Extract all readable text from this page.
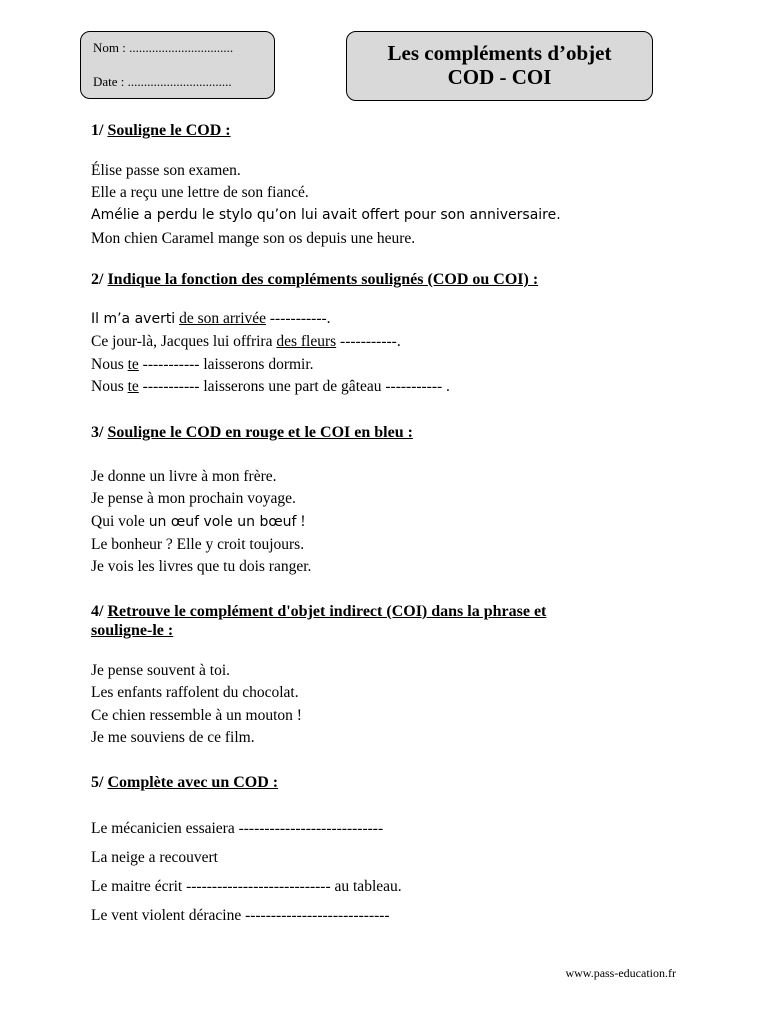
Nom : ................................
Date : ................................
Les compléments d’objet
COD - COI
1/ Souligne le COD :
Élise passe son examen.
Elle a reçu une lettre de son fiancé.
Amélie a perdu le stylo qu’on lui avait offert pour son anniversaire.
Mon chien Caramel mange son os depuis une heure.
2/ Indique la fonction des compléments soulignés (COD ou COI) :
Il m’a averti de son arrivée -----------.
Ce jour-là, Jacques lui offrira des fleurs -----------.
Nous te ----------- laisserons dormir.
Nous te ----------- laisserons une part de gâteau ----------- .
3/ Souligne le COD en rouge et le COI en bleu :
Je donne un livre à mon frère.
Je pense à mon prochain voyage.
Qui vole un œuf vole un bœuf !
Le bonheur ? Elle y croit toujours.
Je vois les livres que tu dois ranger.
4/ Retrouve le complément d'objet indirect (COI) dans la phrase et
souligne-le :
Je pense souvent à toi.
Les enfants raffolent du chocolat.
Ce chien ressemble à un mouton !
Je me souviens de ce film.
5/ Complète avec un COD :
Le mécanicien essaiera ----------------------------
La neige a recouvert
Le maitre écrit ---------------------------- au tableau.
Le vent violent déracine ----------------------------
www.pass-education.fr
